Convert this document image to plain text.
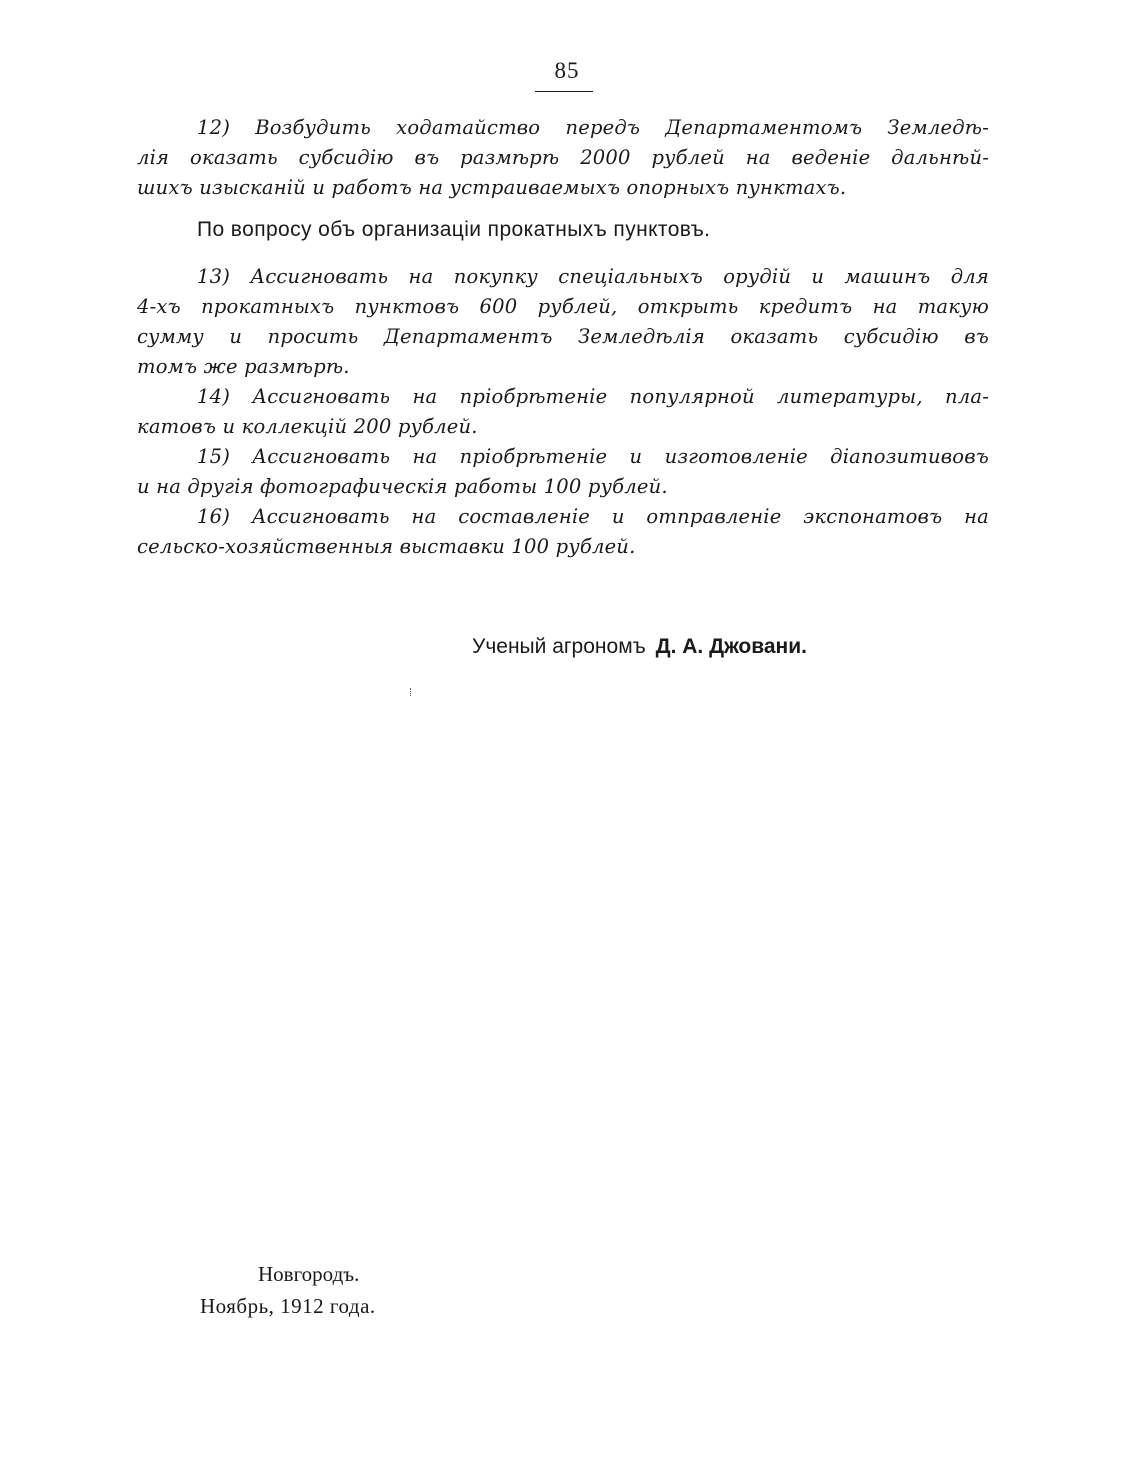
85
12) Возбудить ходатайство передъ Департаментомъ Земледѣ-
лія оказать субсидію въ размѣрѣ 2000 рублей на веденіе дальнѣй-
шихъ изысканій и работъ на устраиваемыхъ опорныхъ пунктахъ.
По вопросу объ организаціи прокатныхъ пунктовъ.
13) Ассигновать на покупку спеціальныхъ орудій и машинъ для
4-хъ прокатныхъ пунктовъ 600 рублей, открыть кредитъ на такую
сумму и просить Департаментъ Земледѣлія оказать субсидію въ
томъ же размѣрѣ.
14) Ассигновать на пріобрѣтеніе популярной литературы, пла-
катовъ и коллекцій 200 рублей.
15) Ассигновать на пріобрѣтеніе и изготовленіе діапозитивовъ
и на другія фотографическія работы 100 рублей.
16) Ассигновать на составленіе и отправленіе экспонатовъ на
сельско-хозяйственныя выставки 100 рублей.
Ученый агрономъ Д. А. Джовани.
Новгородъ.
Ноябрь, 1912 года.
